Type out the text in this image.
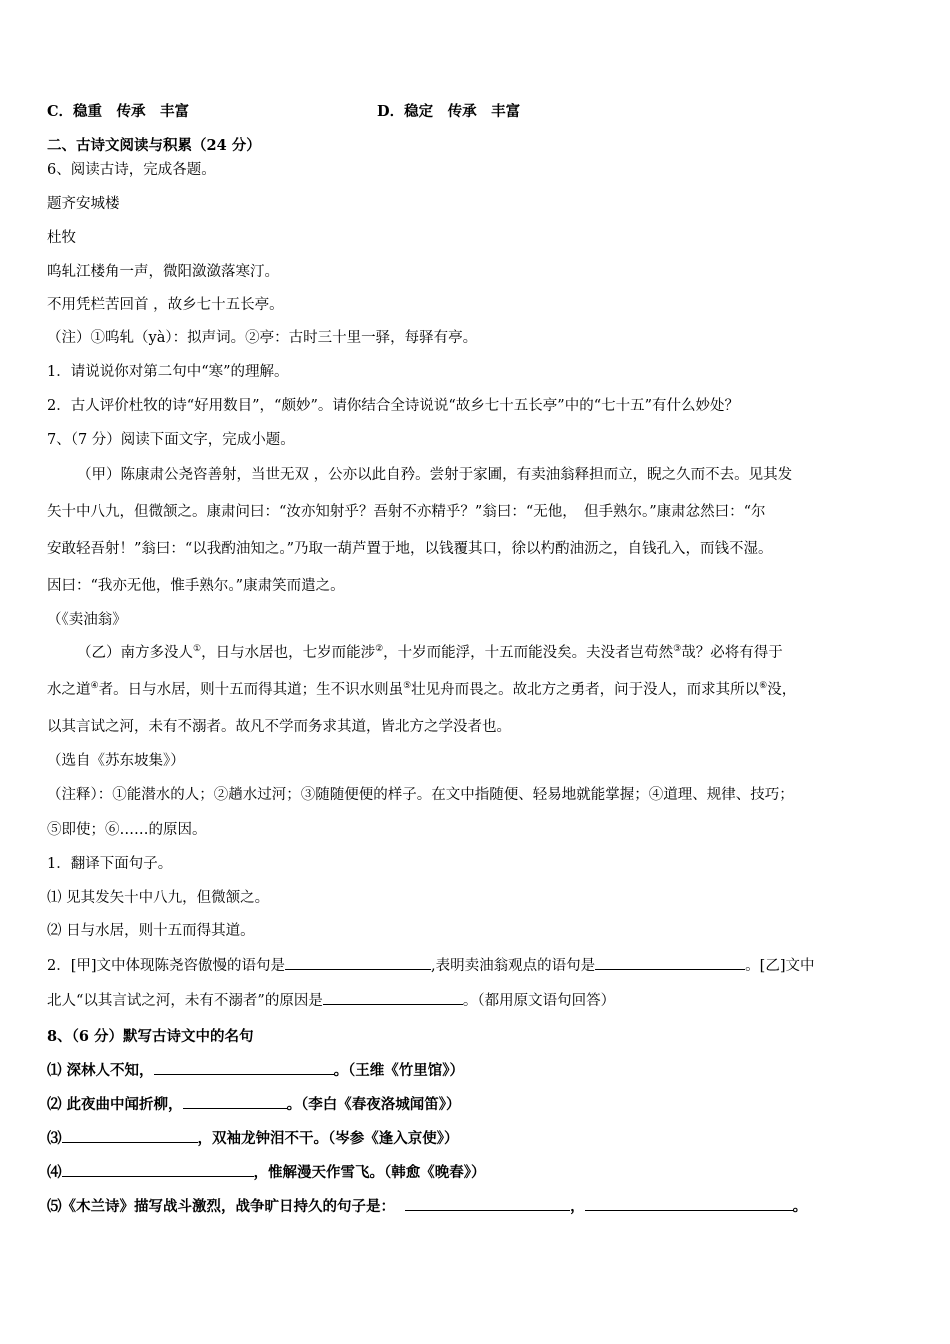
C．稳重　传承　丰富	D．稳定　传承　丰富
二、古诗文阅读与积累（24 分）
6、阅读古诗，完成各题。
题齐安城楼
杜牧
呜轧江楼角一声，微阳潋潋落寒汀。
不用凭栏苦回首 ，故乡七十五长亭。
（注）①呜轧（yà）：拟声词。②亭：古时三十里一驿，每驿有亭。
1．请说说你对第二句中“寒”的理解。
2．古人评价杜牧的诗“好用数目”，“颇妙”。请你结合全诗说说“故乡七十五长亭”中的“七十五”有什么妙处？
7、（7 分）阅读下面文字，完成小题。
（甲）陈康肃公尧咨善射，当世无双 ，公亦以此自矜。尝射于家圃，有卖油翁释担而立，睨之久而不去。见其发
矢十中八九，但微颔之。康肃问曰：“汝亦知射乎？吾射不亦精乎？”翁曰：“无他，　但手熟尔。”康肃忿然曰：“尔
安敢轻吾射！”翁曰：“以我酌油知之。”乃取一葫芦置于地，以钱覆其口，徐以杓酌油沥之，自钱孔入，而钱不湿。
因曰：“我亦无他，惟手熟尔。”康肃笑而遣之。
（《卖油翁》
（乙）南方多没人①，日与水居也，七岁而能涉②，十岁而能浮，十五而能没矣。夫没者岂苟然③哉？必将有得于
水之道④者。日与水居，则十五而得其道；生不识水则虽⑤壮见舟而畏之。故北方之勇者，问于没人，而求其所以⑥没，
以其言试之河，未有不溺者。故凡不学而务求其道，皆北方之学没者也。
（选自《苏东坡集》）
（注释）：①能潜水的人；②趟水过河；③随随便便的样子。在文中指随便、轻易地就能掌握；④道理、规律、技巧；
⑤即使；⑥……的原因。
1．翻译下面句子。
⑴ 见其发矢十中八九，但微颔之。
⑵ 日与水居，则十五而得其道。
2．[甲]文中体现陈尧咨傲慢的语句是	,表明卖油翁观点的语句是	。[乙]文中
北人“以其言试之河，未有不溺者”的原因是	。（都用原文语句回答）
8、（6 分）默写古诗文中的名句
⑴ 深林人不知，	。（王维《竹里馆》）
⑵ 此夜曲中闻折柳，	。（李白《春夜洛城闻笛》）
⑶	，双袖龙钟泪不干。（岑参《逢入京使》）
⑷	，惟解漫天作雪飞。（韩愈《晚春》）
⑸《木兰诗》描写战斗激烈，战争旷日持久的句子是：	，	。
